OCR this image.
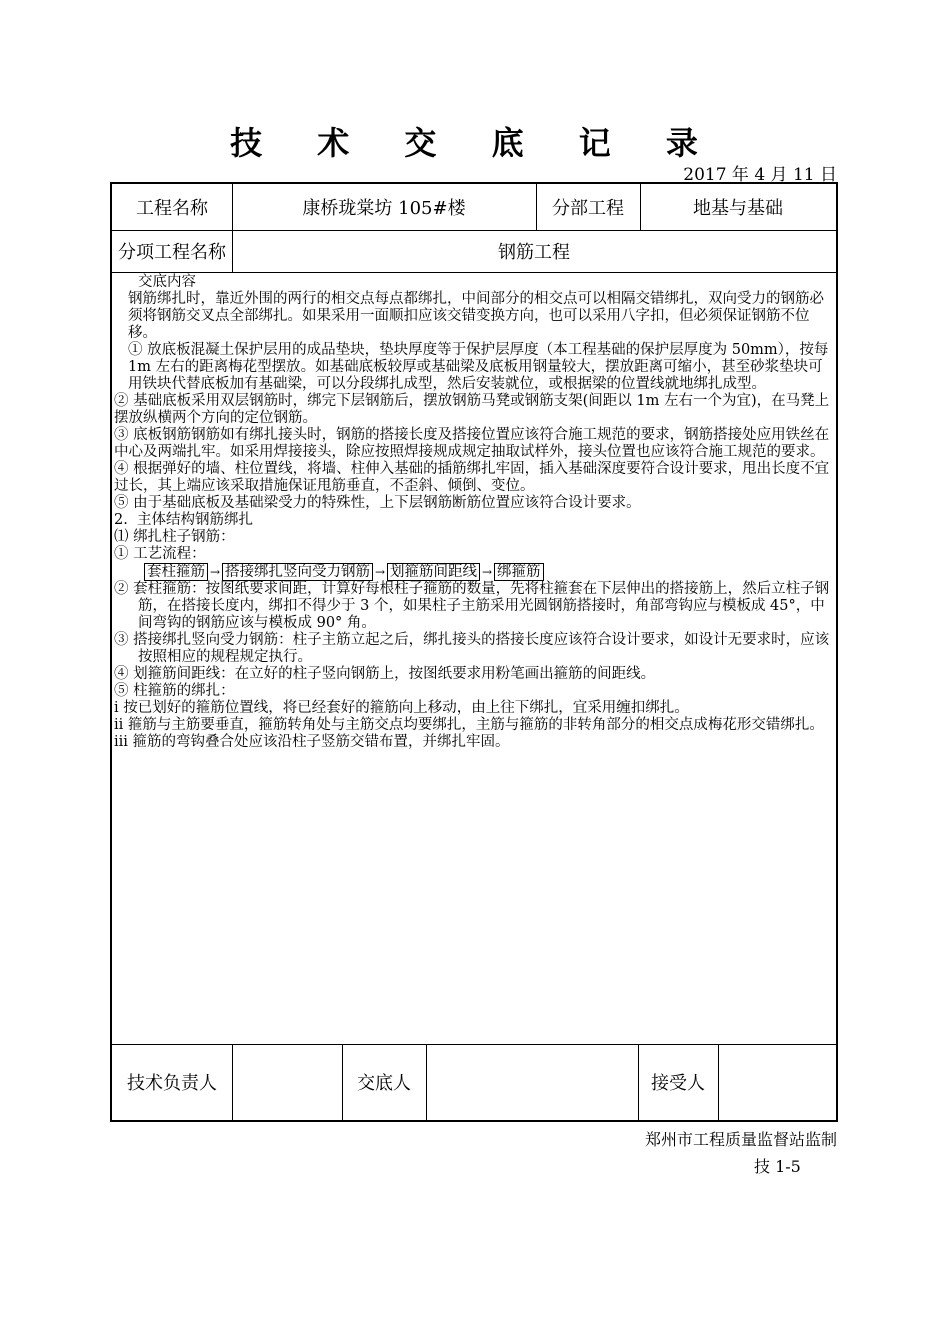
技 术 交 底 记 录
2017 年 4 月 11 日
工程名称	康桥珑棠坊 105#楼	分部工程	地基与基础
分项工程名称	钢筋工程

交底内容

钢筋绑扎时，靠近外围的两行的相交点每点都绑扎，中间部分的相交点可以相隔交错绑扎，双向受力的钢筋必须将钢筋交叉点全部绑扎。如果采用一面顺扣应该交错变换方向，也可以采用八字扣，但必须保证钢筋不位移。

① 放底板混凝土保护层用的成品垫块，垫块厚度等于保护层厚度（本工程基础的保护层厚度为 50mm），按每 1m 左右的距离梅花型摆放。如基础底板较厚或基础梁及底板用钢量较大，摆放距离可缩小，甚至砂浆垫块可用铁块代替底板加有基础梁，可以分段绑扎成型，然后安装就位，或根据梁的位置线就地绑扎成型。

② 基础底板采用双层钢筋时，绑完下层钢筋后，摆放钢筋马凳或钢筋支架(间距以 1m 左右一个为宜)，在马凳上摆放纵横两个方向的定位钢筋。

③ 底板钢筋钢筋如有绑扎接头时，钢筋的搭接长度及搭接位置应该符合施工规范的要求，钢筋搭接处应用铁丝在中心及两端扎牢。如采用焊接接头，除应按照焊接规成规定抽取试样外，接头位置也应该符合施工规范的要求。

④ 根据弹好的墙、柱位置线，将墙、柱伸入基础的插筋绑扎牢固，插入基础深度要符合设计要求，甩出长度不宜过长，其上端应该采取措施保证甩筋垂直，不歪斜、倾倒、变位。

⑤ 由于基础底板及基础梁受力的特殊性，上下层钢筋断筋位置应该符合设计要求。

2.  主体结构钢筋绑扎

⑴ 绑扎柱子钢筋：

① 工艺流程：

套柱箍筋 → 搭接绑扎竖向受力钢筋 → 划箍筋间距线 → 绑箍筋

② 套柱箍筋：按图纸要求间距，计算好每根柱子箍筋的数量，先将柱箍套在下层伸出的搭接筋上，然后立柱子钢筋，在搭接长度内，绑扣不得少于 3 个，如果柱子主筋采用光圆钢筋搭接时，角部弯钩应与模板成 45°，中间弯钩的钢筋应该与模板成 90° 角。

③ 搭接绑扎竖向受力钢筋：柱子主筋立起之后，绑扎接头的搭接长度应该符合设计要求，如设计无要求时，应该按照相应的规程规定执行。

④ 划箍筋间距线：在立好的柱子竖向钢筋上，按图纸要求用粉笔画出箍筋的间距线。

⑤ 柱箍筋的绑扎：

ⅰ 按已划好的箍筋位置线，将已经套好的箍筋向上移动，由上往下绑扎，宜采用缠扣绑扎。

ⅱ 箍筋与主筋要垂直，箍筋转角处与主筋交点均要绑扎，主筋与箍筋的非转角部分的相交点成梅花形交错绑扎。

ⅲ 箍筋的弯钩叠合处应该沿柱子竖筋交错布置，并绑扎牢固。

技术负责人	交底人	接受人
郑州市工程质量监督站监制
技 1-5
